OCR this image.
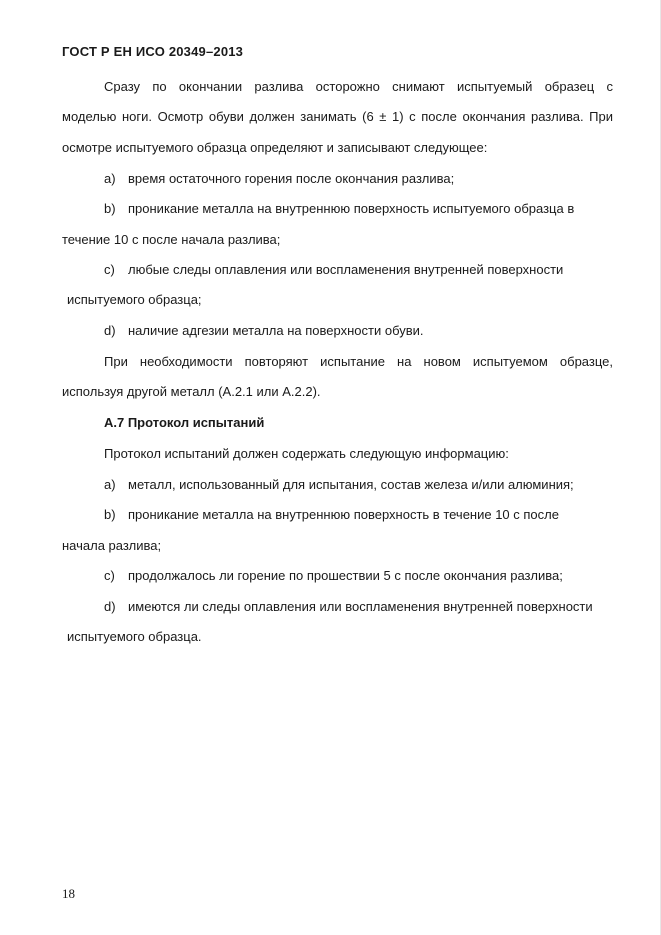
ГОСТ Р ЕН ИСО 20349–2013
Сразу по окончании разлива осторожно снимают испытуемый образец с
моделью ноги. Осмотр обуви должен занимать (6 ± 1) с после окончания разлива. При
осмотре испытуемого образца определяют и записывают следующее:
a) время остаточного горения после окончания разлива;
b) проникание металла на внутреннюю поверхность испытуемого образца в
течение 10 с после начала разлива;
c) любые следы оплавления или воспламенения внутренней поверхности
испытуемого образца;
d) наличие адгезии металла на поверхности обуви.
При необходимости повторяют испытание на новом испытуемом образце,
используя другой металл (А.2.1 или А.2.2).
А.7 Протокол испытаний
Протокол испытаний должен содержать следующую информацию:
a) металл, использованный для испытания, состав железа и/или алюминия;
b) проникание металла на внутреннюю поверхность в течение 10 с после
начала разлива;
c) продолжалось ли горение по прошествии 5 с после окончания разлива;
d) имеются ли следы оплавления или воспламенения внутренней поверхности
испытуемого образца.
18
